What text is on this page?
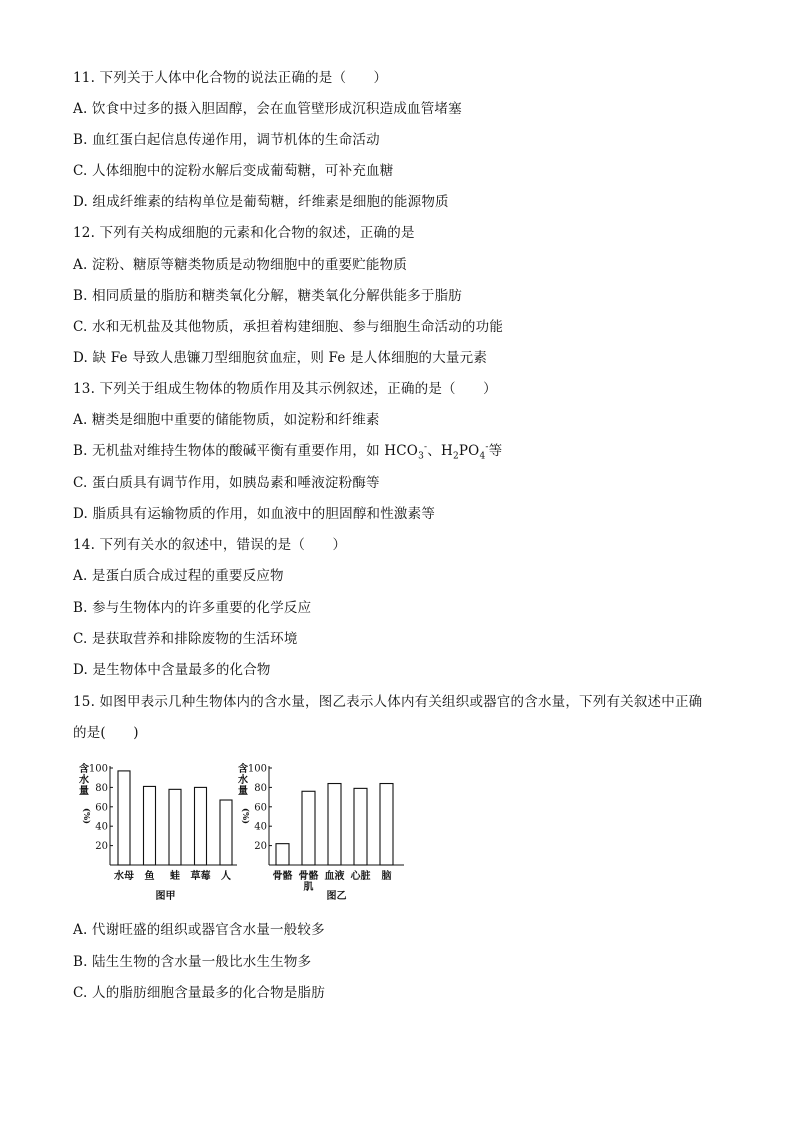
11. 下列关于人体中化合物的说法正确的是（　　）
A. 饮食中过多的摄入胆固醇，会在血管壁形成沉积造成血管堵塞
B. 血红蛋白起信息传递作用，调节机体的生命活动
C. 人体细胞中的淀粉水解后变成葡萄糖，可补充血糖
D. 组成纤维素的结构单位是葡萄糖，纤维素是细胞的能源物质
12. 下列有关构成细胞的元素和化合物的叙述，正确的是
A. 淀粉、糖原等糖类物质是动物细胞中的重要贮能物质
B. 相同质量的脂肪和糖类氧化分解，糖类氧化分解供能多于脂肪
C. 水和无机盐及其他物质，承担着构建细胞、参与细胞生命活动的功能
D. 缺 Fe 导致人患镰刀型细胞贫血症，则 Fe 是人体细胞的大量元素
13. 下列关于组成生物体的物质作用及其示例叙述，正确的是（　　）
A. 糖类是细胞中重要的储能物质，如淀粉和纤维素
B. 无机盐对维持生物体的酸碱平衡有重要作用，如 $HCO_3^-$、$H_2PO_4^-$等
C. 蛋白质具有调节作用，如胰岛素和唾液淀粉酶等
D. 脂质具有运输物质的作用，如血液中的胆固醇和性激素等
14. 下列有关水的叙述中，错误的是（　　）
A. 是蛋白质合成过程的重要反应物
B. 参与生物体内的许多重要的化学反应
C. 是获取营养和排除废物的生活环境
D. 是生物体中含量最多的化合物
15. 如图甲表示几种生物体内的含水量，图乙表示人体内有关组织或器官的含水量，下列有关叙述中正确
的是(　　)
20
40
60
80
100
含
水
量
(%)
水母 鱼 蛙 草莓 人
图甲
20
40
60
80
100
含
水
量
(%)
骨骼 骨骼
肌
血液 心脏 脑
图乙
A. 代谢旺盛的组织或器官含水量一般较多
B. 陆生生物的含水量一般比水生生物多
C. 人的脂肪细胞含量最多的化合物是脂肪
